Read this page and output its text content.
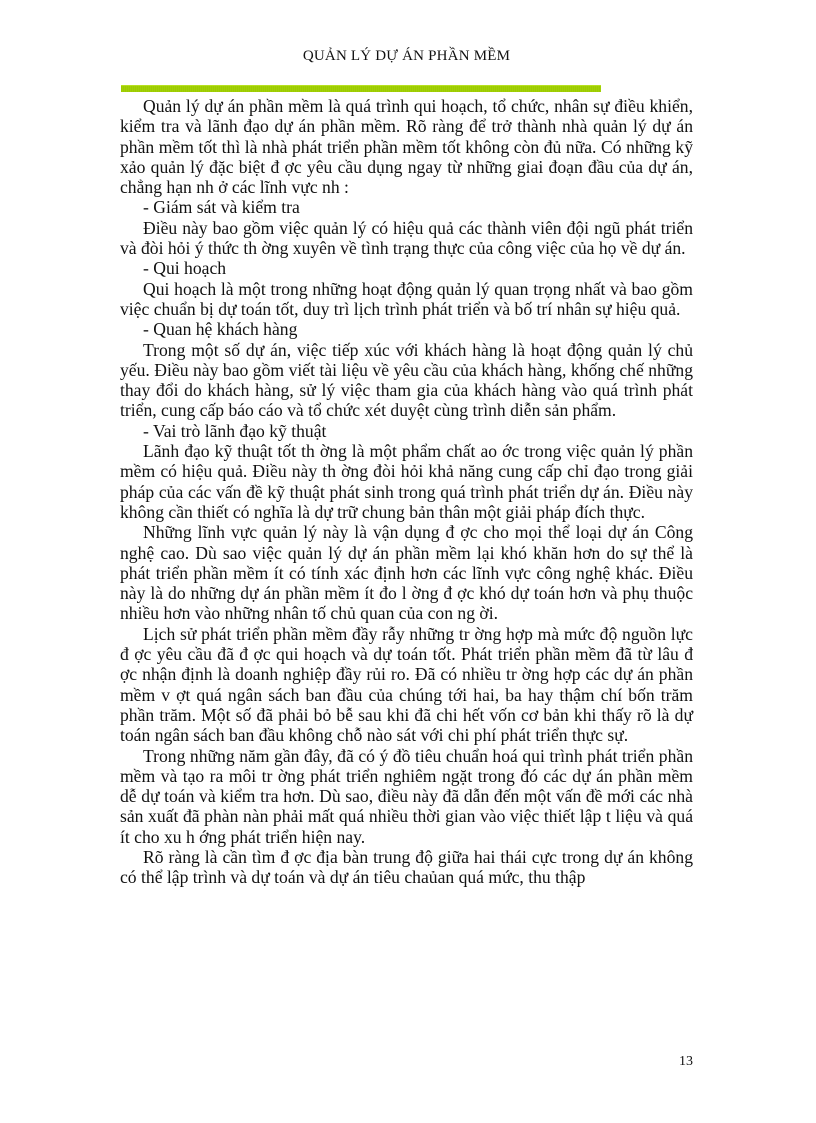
QUẢN LÝ DỰ ÁN PHẦN MỀM

Quản lý dự án phần mềm là quá trình qui hoạch, tổ chức, nhân sự điều khiển, kiểm tra và lãnh đạo dự án phần mềm. Rõ ràng để trở thành nhà quản lý dự án phần mềm tốt thì là nhà phát triển phần mềm tốt không còn đủ nữa. Có những kỹ xảo quản lý đặc biệt đ ợc yêu cầu dụng ngay từ những giai đoạn đầu của dự án, chẳng hạn nh ở các lĩnh vực nh :

- Giám sát và kiểm tra

Điều này bao gồm việc quản lý có hiệu quả các thành viên đội ngũ phát triển và đòi hỏi ý thức th ờng xuyên về tình trạng thực của công việc của họ về dự án.

- Qui hoạch

Qui hoạch là một trong những hoạt động quản lý quan trọng nhất và bao gồm việc chuẩn bị dự toán tốt, duy trì lịch trình phát triển và bố trí nhân sự hiệu quả.

- Quan hệ khách hàng

Trong một số dự án, việc tiếp xúc với khách hàng là hoạt động quản lý chủ yếu. Điều này bao gồm viết tài liệu về yêu cầu của khách hàng, khống chế những thay đổi do khách hàng, sử lý việc tham gia của khách hàng vào quá trình phát triển, cung cấp báo cáo và tổ chức xét duyệt cùng trình diễn sản phẩm.

- Vai trò lãnh đạo kỹ thuật

Lãnh đạo kỹ thuật tốt th ờng là một phẩm chất ao ớc trong việc quản lý phần mềm có hiệu quả. Điều này th ờng đòi hỏi khả năng cung cấp chỉ đạo trong giải pháp của các vấn đề kỹ thuật phát sinh trong quá trình phát triển dự án. Điều này không cần thiết có nghĩa là dự trữ chung bản thân một giải pháp đích thực.

Những lĩnh vực quản lý này là vận dụng đ ợc cho mọi thể loại dự án Công nghệ cao. Dù sao việc quản lý dự án phần mềm lại khó khăn hơn do sự thể là phát triển phần mềm ít có tính xác định hơn các lĩnh vực công nghệ khác. Điều này là do những dự án phần mềm ít đo l ờng đ ợc khó dự toán hơn và phụ thuộc nhiều hơn vào những nhân tố chủ quan của con ng ời.

Lịch sử phát triển phần mềm đầy rẫy những tr ờng hợp mà mức độ nguồn lực đ ợc yêu cầu đã đ ợc qui hoạch và dự toán tốt. Phát triển phần mềm đã từ lâu đ ợc nhận định là doanh nghiệp đầy rủi ro. Đã có nhiều tr ờng hợp các dự án phần mềm v ợt quá ngân sách ban đầu của chúng tới hai, ba hay thậm chí bốn trăm phần trăm. Một số đã phải bỏ bễ sau khi đã chi hết vốn cơ bản khi thấy rõ là dự toán ngân sách ban đầu không chỗ nào sát với chi phí phát triển thực sự.

Trong những năm gần đây, đã có ý đồ tiêu chuẩn hoá qui trình phát triển phần mềm và tạo ra môi tr ờng phát triển nghiêm ngặt trong đó các dự án phần mềm dễ dự toán và kiểm tra hơn. Dù sao, điều này đã dẫn đến một vấn đề mới các nhà sản xuất đã phàn nàn phải mất quá nhiều thời gian vào việc thiết lập t liệu và quá ít cho xu h ớng phát triển hiện nay.

Rõ ràng là cần tìm đ ợc địa bàn trung độ giữa hai thái cực trong dự án không có thể lập trình và dự toán và dự án tiêu chaủan quá mức, thu thập

13
